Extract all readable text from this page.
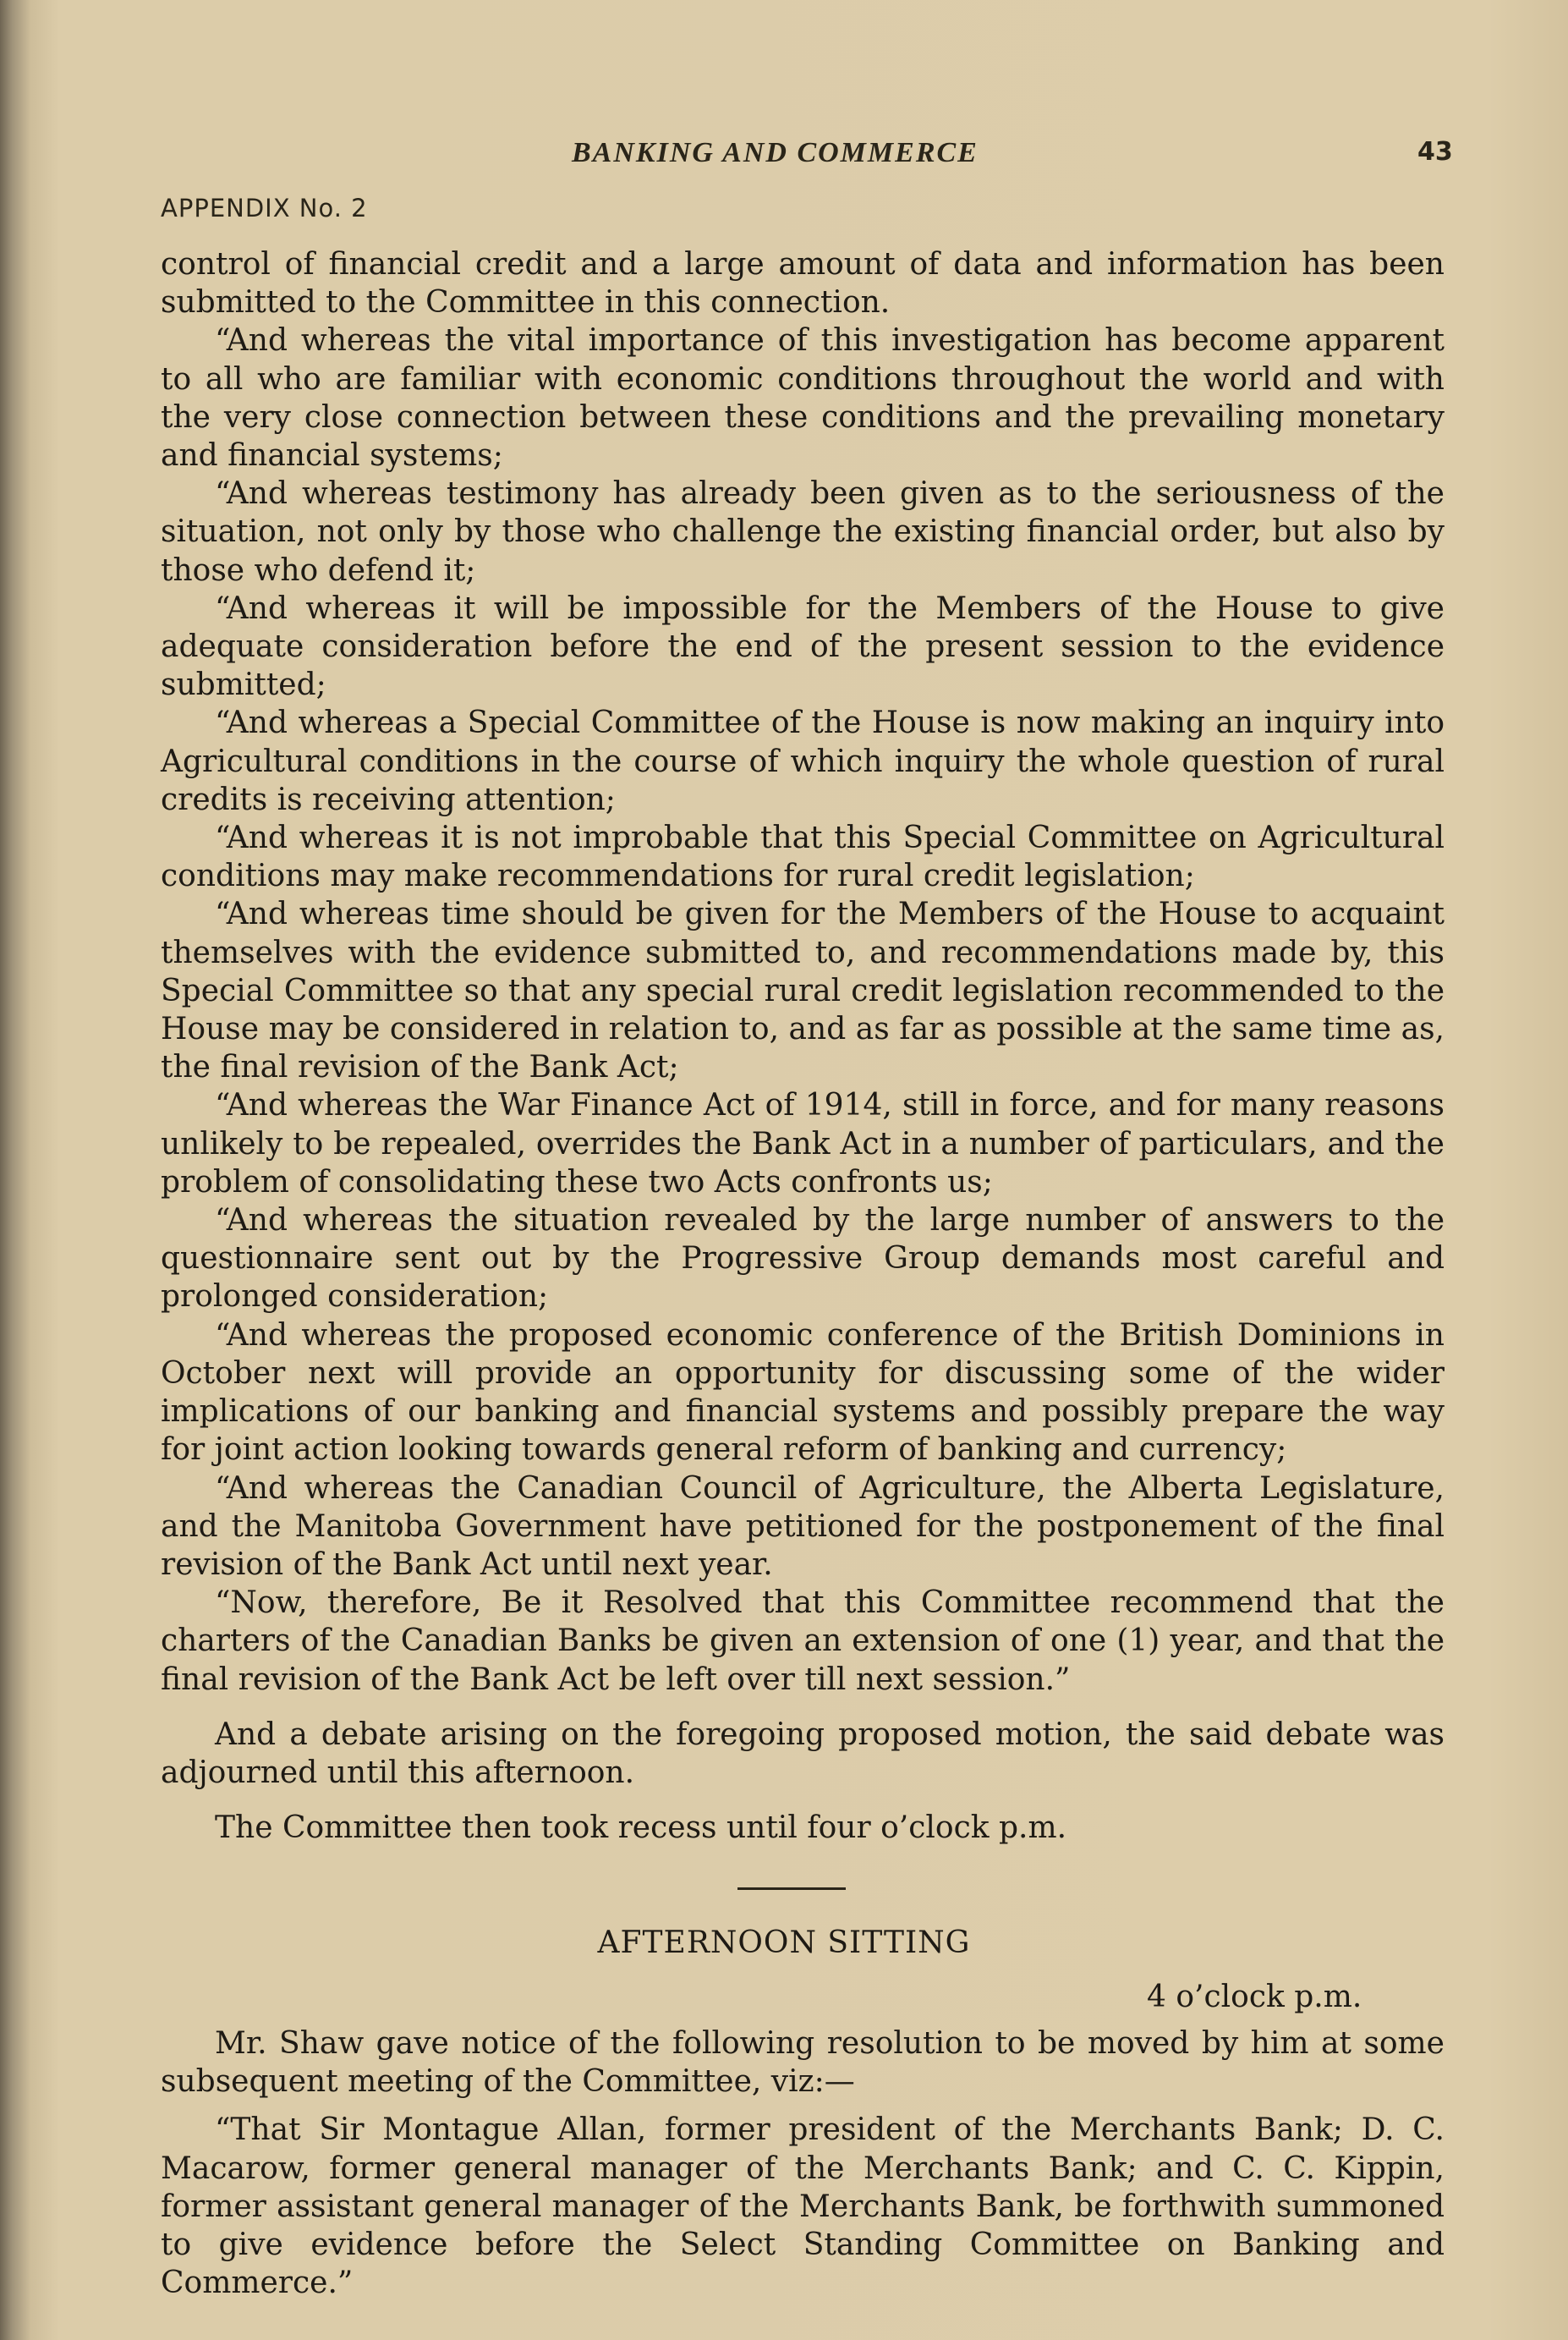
BANKING AND COMMERCE	43
APPENDIX No. 2

control of financial credit and a large amount of data and information has been submitted to the Committee in this connection.

“And whereas the vital importance of this investigation has become apparent to all who are familiar with economic conditions throughout the world and with the very close connection between these conditions and the prevailing monetary and financial systems;

“And whereas testimony has already been given as to the seriousness of the situation, not only by those who challenge the existing financial order, but also by those who defend it;

“And whereas it will be impossible for the Members of the House to give adequate consideration before the end of the present session to the evidence submitted;

“And whereas a Special Committee of the House is now making an inquiry into Agricultural conditions in the course of which inquiry the whole question of rural credits is receiving attention;

“And whereas it is not improbable that this Special Committee on Agricultural conditions may make recommendations for rural credit legislation;

“And whereas time should be given for the Members of the House to acquaint themselves with the evidence submitted to, and recommendations made by, this Special Committee so that any special rural credit legislation recommended to the House may be considered in relation to, and as far as possible at the same time as, the final revision of the Bank Act;

“And whereas the War Finance Act of 1914, still in force, and for many reasons unlikely to be repealed, overrides the Bank Act in a number of particulars, and the problem of consolidating these two Acts confronts us;

“And whereas the situation revealed by the large number of answers to the questionnaire sent out by the Progressive Group demands most careful and prolonged consideration;

“And whereas the proposed economic conference of the British Dominions in October next will provide an opportunity for discussing some of the wider implications of our banking and financial systems and possibly prepare the way for joint action looking towards general reform of banking and currency;

“And whereas the Canadian Council of Agriculture, the Alberta Legislature, and the Manitoba Government have petitioned for the postponement of the final revision of the Bank Act until next year.

“Now, therefore, Be it Resolved that this Committee recommend that the charters of the Canadian Banks be given an extension of one (1) year, and that the final revision of the Bank Act be left over till next session.”

And a debate arising on the foregoing proposed motion, the said debate was adjourned until this afternoon.

The Committee then took recess until four o’clock p.m.

AFTERNOON SITTING
4 o’clock p.m.

Mr. Shaw gave notice of the following resolution to be moved by him at some subsequent meeting of the Committee, viz:—

“That Sir Montague Allan, former president of the Merchants Bank; D. C. Macarow, former general manager of the Merchants Bank; and C. C. Kippin, former assistant general manager of the Merchants Bank, be forthwith summoned to give evidence before the Select Standing Committee on Banking and Commerce.”
